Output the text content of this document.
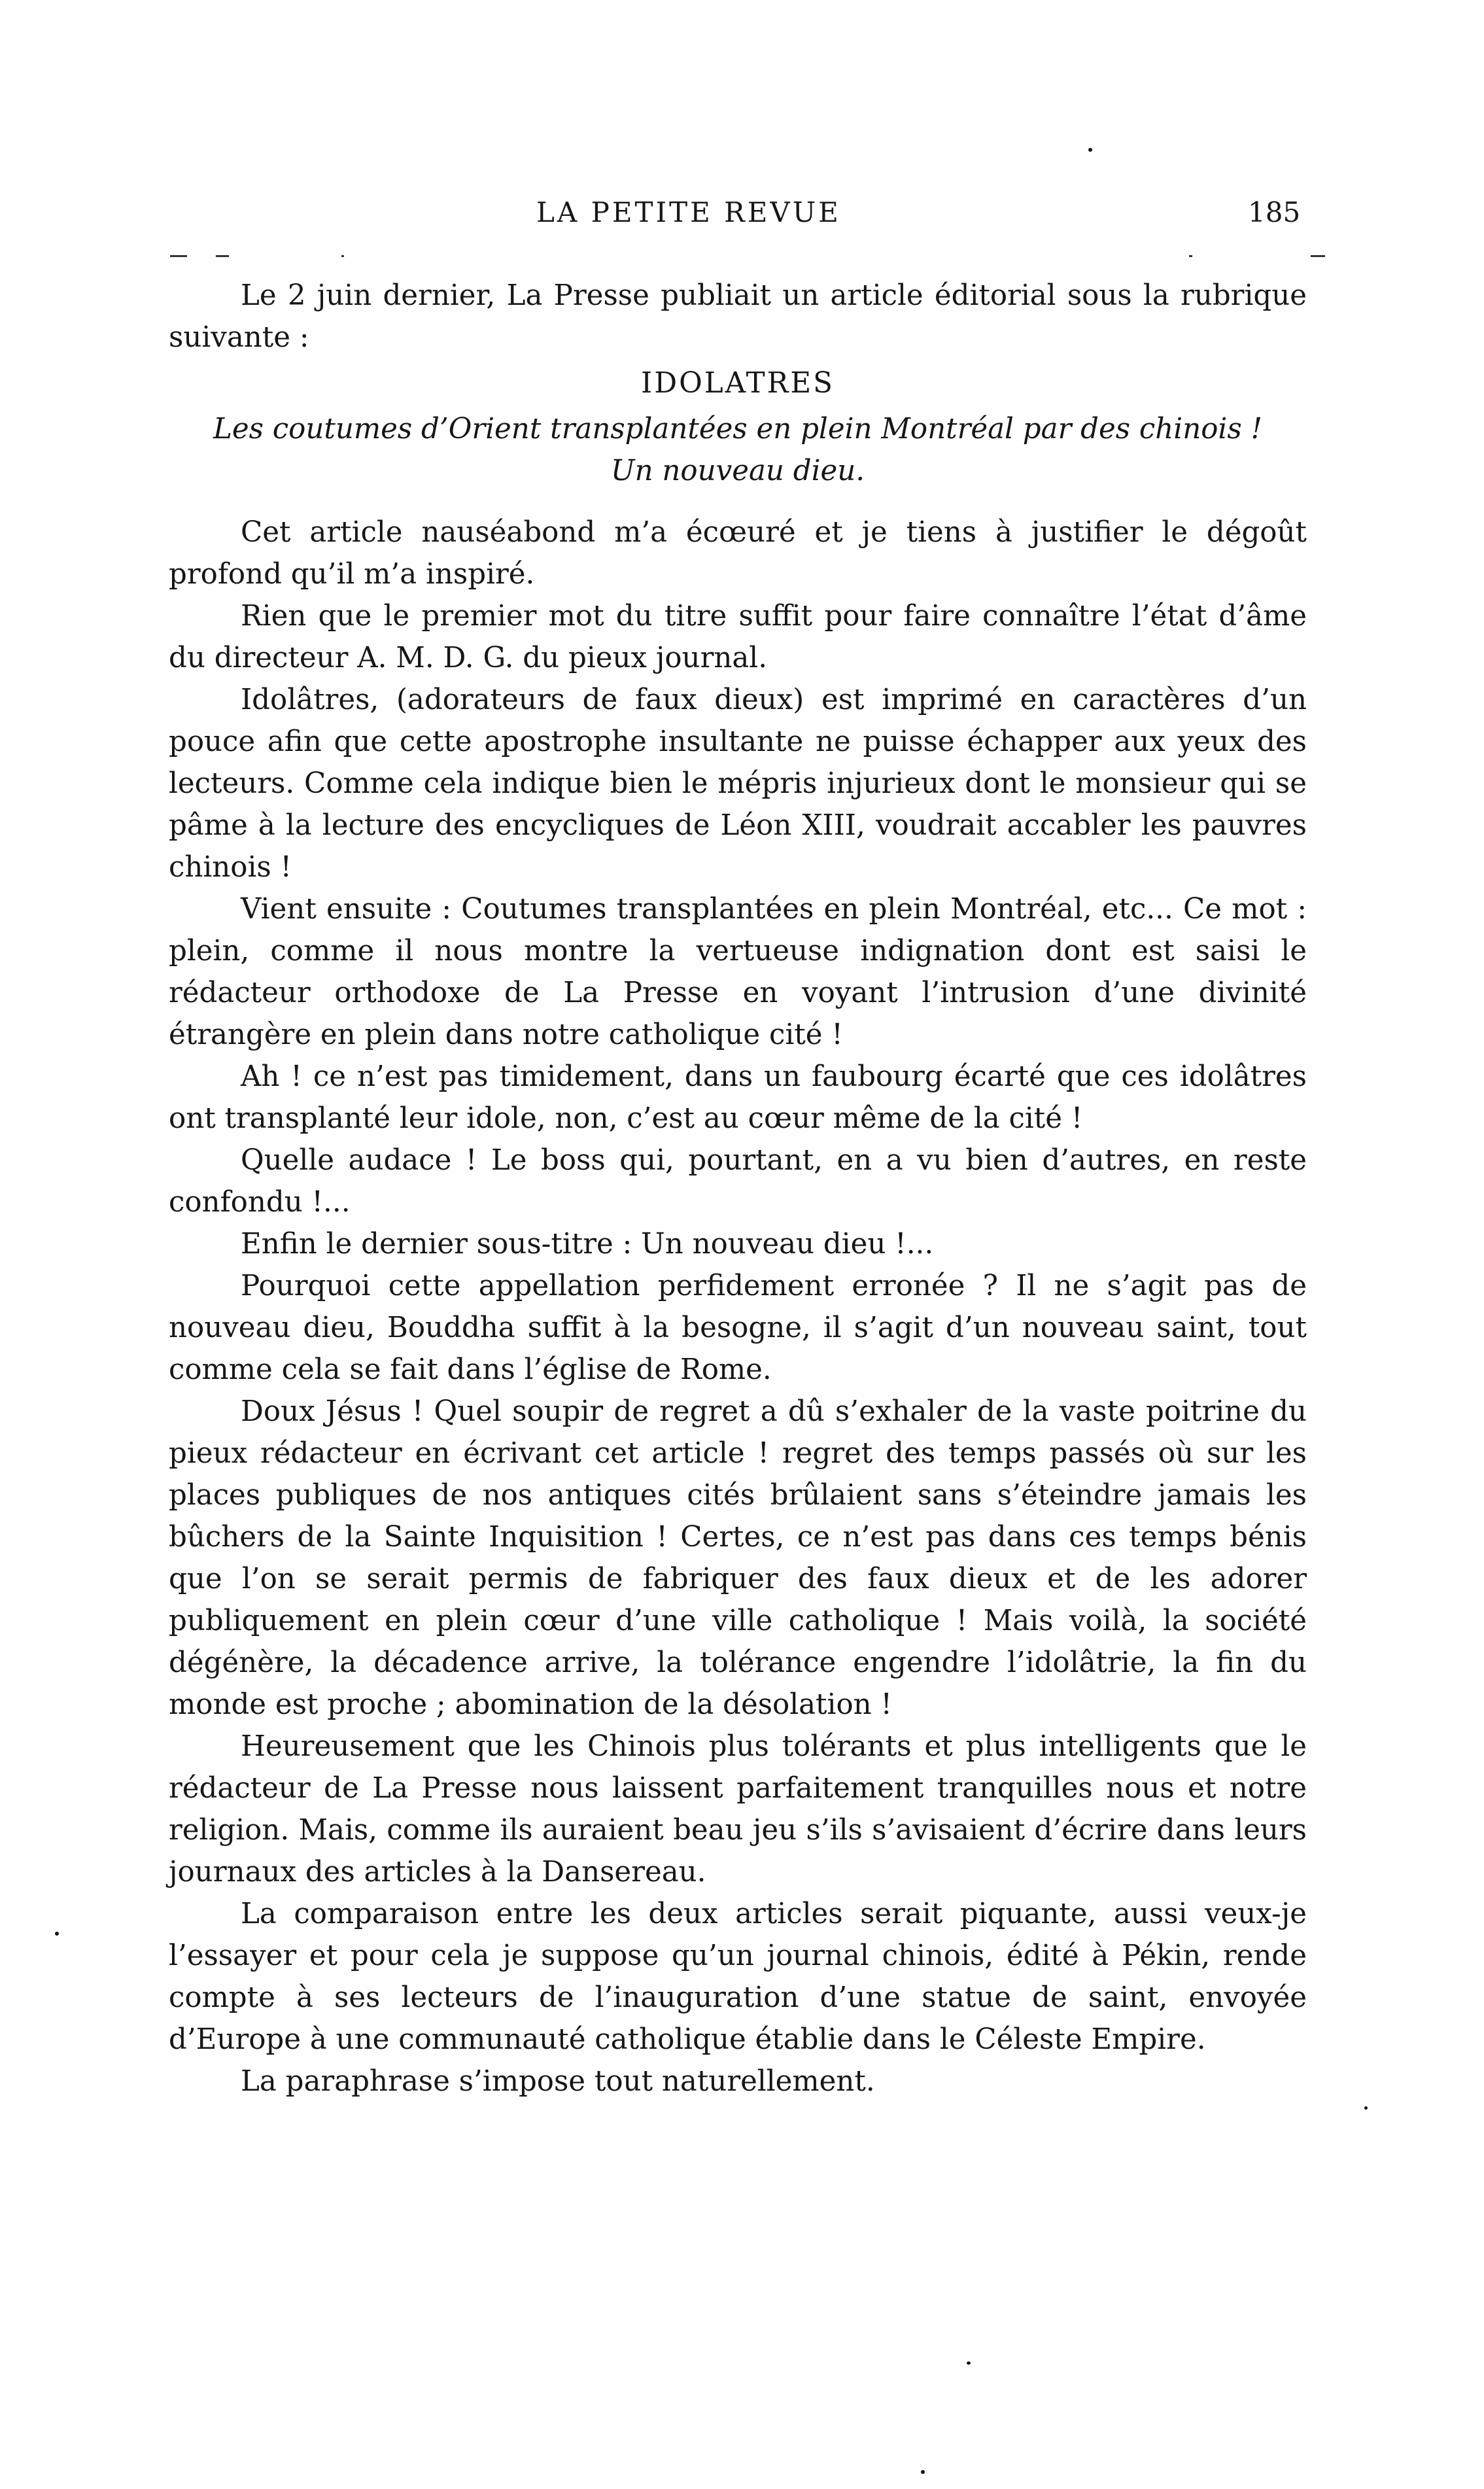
LA PETITE REVUE	185

Le 2 juin dernier, La Presse publiait un article éditorial sous la rubrique suivante :

IDOLATRES

Les coutumes d’Orient transplantées en plein Montréal par des chinois !
Un nouveau dieu.

Cet article nauséabond m’a écœuré et je tiens à justifier le dégoût profond qu’il m’a inspiré.

Rien que le premier mot du titre suffit pour faire connaître l’état d’âme du directeur A. M. D. G. du pieux journal.

Idolâtres, (adorateurs de faux dieux) est imprimé en caractères d’un pouce afin que cette apostrophe insultante ne puisse échapper aux yeux des lecteurs. Comme cela indique bien le mépris injurieux dont le monsieur qui se pâme à la lecture des encycliques de Léon XIII, voudrait accabler les pauvres chinois !

Vient ensuite : Coutumes transplantées en plein Montréal, etc... Ce mot : plein, comme il nous montre la vertueuse indignation dont est saisi le rédacteur orthodoxe de La Presse en voyant l’intrusion d’une divinité étrangère en plein dans notre catholique cité !

Ah ! ce n’est pas timidement, dans un faubourg écarté que ces idolâtres ont transplanté leur idole, non, c’est au cœur même de la cité !

Quelle audace ! Le boss qui, pourtant, en a vu bien d’autres, en reste confondu !...

Enfin le dernier sous-titre : Un nouveau dieu !...

Pourquoi cette appellation perfidement erronée ? Il ne s’agit pas de nouveau dieu, Bouddha suffit à la besogne, il s’agit d’un nouveau saint, tout comme cela se fait dans l’église de Rome.

Doux Jésus ! Quel soupir de regret a dû s’exhaler de la vaste poitrine du pieux rédacteur en écrivant cet article ! regret des temps passés où sur les places publiques de nos antiques cités brûlaient sans s’éteindre jamais les bûchers de la Sainte Inquisition ! Certes, ce n’est pas dans ces temps bénis que l’on se serait permis de fabriquer des faux dieux et de les adorer publiquement en plein cœur d’une ville catholique ! Mais voilà, la société dégénère, la décadence arrive, la tolérance engendre l’idolâtrie, la fin du monde est proche ; abomination de la désolation !

Heureusement que les Chinois plus tolérants et plus intelligents que le rédacteur de La Presse nous laissent parfaitement tranquilles nous et notre religion. Mais, comme ils auraient beau jeu s’ils s’avisaient d’écrire dans leurs journaux des articles à la Dansereau.

La comparaison entre les deux articles serait piquante, aussi veux-je l’essayer et pour cela je suppose qu’un journal chinois, édité à Pékin, rende compte à ses lecteurs de l’inauguration d’une statue de saint, envoyée d’Europe à une communauté catholique établie dans le Céleste Empire.

La paraphrase s’impose tout naturellement.
